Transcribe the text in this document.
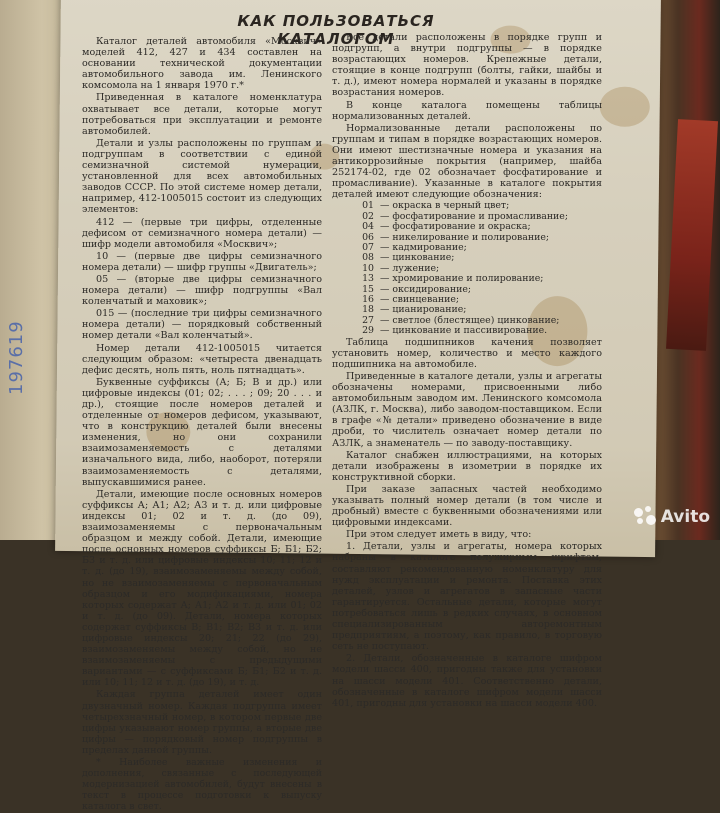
197619
КАК ПОЛЬЗОВАТЬСЯ КАТАЛОГОМ

Каталог деталей автомобиля «Москвич» моделей 412, 427 и 434 составлен на основании технической документации автомобильного завода им. Ленинского комсомола на 1 января 1970 г.*

Приведенная в каталоге номенклатура охватывает все детали, которые могут потребоваться при эксплуатации и ремонте автомобилей.

Детали и узлы расположены по группам и подгруппам в соответствии с единой семизначной системой нумерации, установленной для всех автомобильных заводов СССР. По этой системе номер детали, например, 412-1005015 состоит из следующих элементов:

412 — (первые три цифры, отделенные дефисом от семизначного номера детали) — шифр модели автомобиля «Москвич»;

10 — (первые две цифры семизначного номера детали) — шифр группы «Двигатель»;

05 — (вторые две цифры семизначного номера детали) — шифр подгруппы «Вал коленчатый и маховик»;

015 — (последние три цифры семизначного номера детали) — порядковый собственный номер детали «Вал коленчатый».

Номер детали 412-1005015 читается следующим образом: «четыреста двенадцать дефис десять, ноль пять, ноль пятнадцать».

Буквенные суффиксы (А; Б; В и др.) или цифровые индексы (01; 02; . . . ; 09; 20 . . . и др.), стоящие после номеров деталей и отделенные от номеров дефисом, указывают, что в конструкцию деталей были внесены изменения, но они сохранили взаимозаменяемость с деталями изначального вида, либо, наоборот, потеряли взаимозаменяемость с деталями, выпускавшимися ранее.

Детали, имеющие после основных номеров суффиксы А; А1; А2; А3 и т. д. или цифровые индексы 01; 02 и т. д. (до 09), взаимозаменяемы с первоначальным образцом и между собой. Детали, имеющие после основных номеров суффиксы Б; Б1; Б2; Б3 и т. д. или цифровые индексы 10; 11; 12 и т. д. (до 19), взаимозаменяемы между собой, но не взаимозаменяемы с первоначальным образцом и его модификациями, номера которых содержат А; А1; А2 и т. д. или 01; 02 и т. д. (до 09). Детали, номера которых содержат суффиксы В; В1; В2; В3 и т. д. или цифровые индексы 20; 21; 22 (до 29), взаимозаменяемы между собой, но не взаимозаменяемы с предыдущими вариантами — с суффиксами Б; Б1; Б2 и т. д. или 10; 11; 12 и т. д. (до 19), и т. д.

Каждая группа деталей имеет один двузначный номер. Каждая подгруппа имеет четырехзначный номер, в котором первые две цифры указывают номер группы, а вторые две цифры — порядковый номер подгруппы в пределах данной группы.

* Наиболее важные изменения и дополнения, связанные с последующей модернизацией автомобилей, будут внесены в текст в процессе подготовки к выпуску каталога в свет.

Все детали расположены в порядке групп и подгрупп, а внутри подгруппы — в порядке возрастающих номеров. Крепежные детали, стоящие в конце подгрупп (болты, гайки, шайбы и т. д.), имеют номера нормалей и указаны в порядке возрастания номеров.

В конце каталога помещены таблицы нормализованных деталей.

Нормализованные детали расположены по группам и типам в порядке возрастающих номеров. Они имеют шестизначные номера и указания на антикоррозийные покрытия (например, шайба 252174-02, где 02 обозначает фосфатирование и промасливание). Указанные в каталоге покрытия деталей имеют следующие обозначения:

01 — окраска в черный цвет;
02 — фосфатирование и промасливание;
04 — фосфатирование и окраска;
06 — никелирование и полирование;
07 — кадмирование;
08 — цинкование;
10 — лужение;
13 — хромирование и полирование;
15 — оксидирование;
16 — свинцевание;
18 — цианирование;
27 — светлое (блестящее) цинкование;
29 — цинкование и пассивирование.

Таблица подшипников качения позволяет установить номер, количество и место каждого подшипника на автомобиле.

Приведенные в каталоге детали, узлы и агрегаты обозначены номерами, присвоенными либо автомобильным заводом им. Ленинского комсомола (АЗЛК, г. Москва), либо заводом-поставщиком. Если в графе «№ детали» приведено обозначение в виде дроби, то числитель означает номер детали по АЗЛК, а знаменатель — по заводу-поставщику.

Каталог снабжен иллюстрациями, на которых детали изображены в изометрии в порядке их конструктивной сборки.

При заказе запасных частей необходимо указывать полный номер детали (в том числе и дробный) вместе с буквенными обозначениями или цифровыми индексами.

При этом следует иметь в виду, что:

1. Детали, узлы и агрегаты, номера которых набраны в каталоге полужирным шрифтом, составляют рекомендованную номенклатуру для нужд эксплуатации и ремонта. Поставка этих деталей, узлов и агрегатов в запасные части гарантируется. Остальные детали, которые могут потребоваться лишь в редких случаях, в основном специализированным авторемонтным предприятиям, а поэтому, как правило, в торговую сеть не поступают.

2. Детали, обозначенные в каталоге шифром модели шасси 400, пригодны также для установки на шасси модели 401. Соответственно детали, обозначенные в каталоге шифром модели шасси 401, пригодны для установки на шасси модели 400.

Avito
